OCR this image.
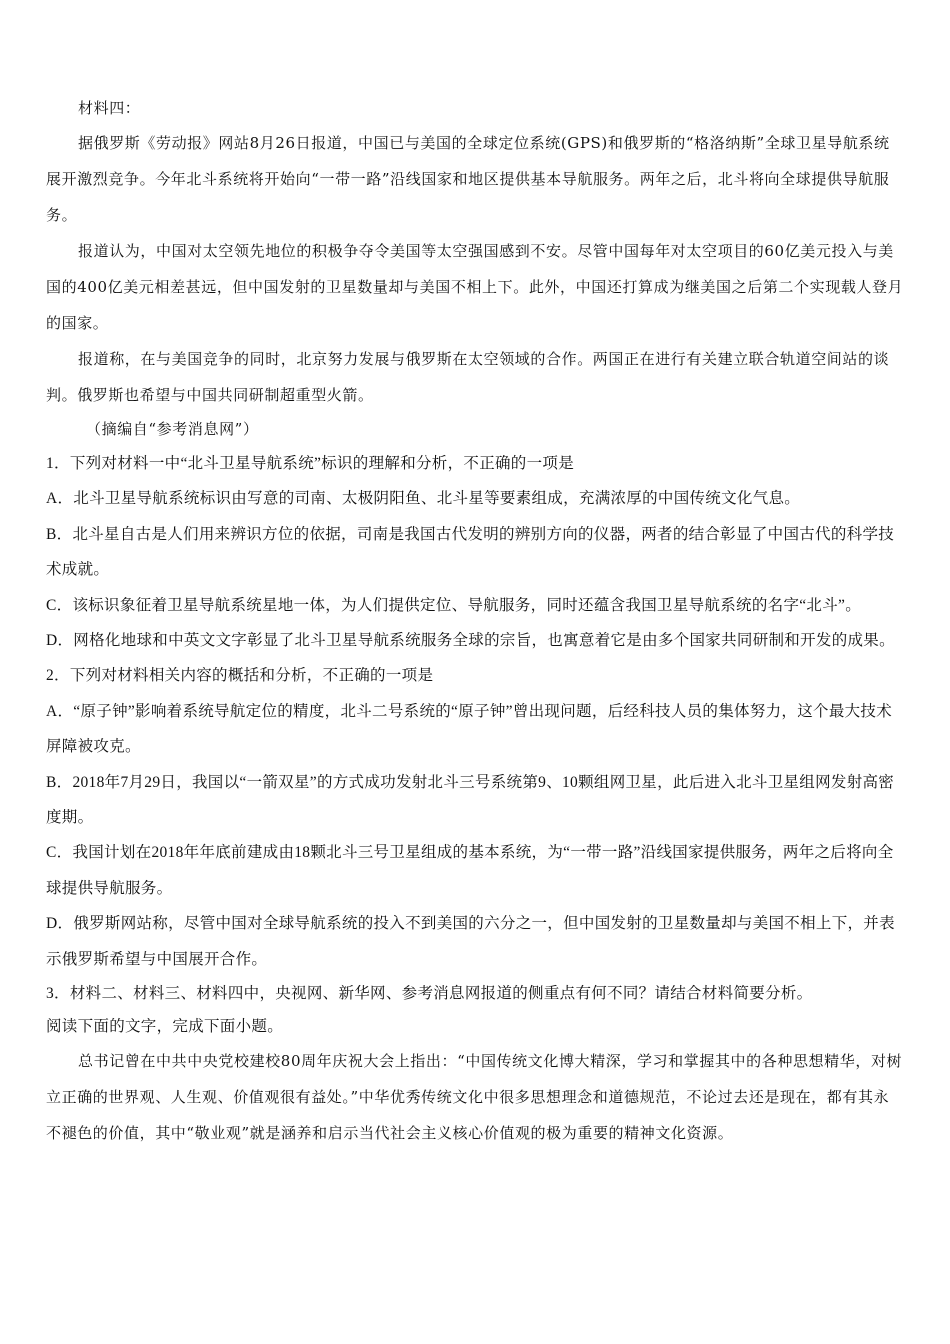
材料四：

据俄罗斯《劳动报》网站8月26日报道，中国已与美国的全球定位系统(GPS)和俄罗斯的“格洛纳斯”全球卫星导航系统展开激烈竞争。今年北斗系统将开始向“一带一路”沿线国家和地区提供基本导航服务。两年之后，北斗将向全球提供导航服务。

报道认为，中国对太空领先地位的积极争夺令美国等太空强国感到不安。尽管中国每年对太空项目的60亿美元投入与美国的400亿美元相差甚远，但中国发射的卫星数量却与美国不相上下。此外，中国还打算成为继美国之后第二个实现载人登月的国家。

报道称，在与美国竞争的同时，北京努力发展与俄罗斯在太空领域的合作。两国正在进行有关建立联合轨道空间站的谈判。俄罗斯也希望与中国共同研制超重型火箭。

（摘编自“参考消息网”）

1．下列对材料一中“北斗卫星导航系统”标识的理解和分析，不正确的一项是

A．北斗卫星导航系统标识由写意的司南、太极阴阳鱼、北斗星等要素组成，充满浓厚的中国传统文化气息。

B．北斗星自古是人们用来辨识方位的依据，司南是我国古代发明的辨别方向的仪器，两者的结合彰显了中国古代的科学技术成就。

C．该标识象征着卫星导航系统星地一体，为人们提供定位、导航服务，同时还蕴含我国卫星导航系统的名字“北斗”。

D．网格化地球和中英文文字彰显了北斗卫星导航系统服务全球的宗旨，也寓意着它是由多个国家共同研制和开发的成果。

2．下列对材料相关内容的概括和分析，不正确的一项是

A．“原子钟”影响着系统导航定位的精度，北斗二号系统的“原子钟”曾出现问题，后经科技人员的集体努力，这个最大技术屏障被攻克。

B．2018年7月29日，我国以“一箭双星”的方式成功发射北斗三号系统第9、10颗组网卫星，此后进入北斗卫星组网发射高密度期。

C．我国计划在2018年年底前建成由18颗北斗三号卫星组成的基本系统，为“一带一路”沿线国家提供服务，两年之后将向全球提供导航服务。

D．俄罗斯网站称，尽管中国对全球导航系统的投入不到美国的六分之一，但中国发射的卫星数量却与美国不相上下，并表示俄罗斯希望与中国展开合作。

3．材料二、材料三、材料四中，央视网、新华网、参考消息网报道的侧重点有何不同？请结合材料简要分析。

阅读下面的文字，完成下面小题。

总书记曾在中共中央党校建校80周年庆祝大会上指出：“中国传统文化博大精深，学习和掌握其中的各种思想精华，对树立正确的世界观、人生观、价值观很有益处。”中华优秀传统文化中很多思想理念和道德规范，不论过去还是现在，都有其永不褪色的价值，其中“敬业观”就是涵养和启示当代社会主义核心价值观的极为重要的精神文化资源。
